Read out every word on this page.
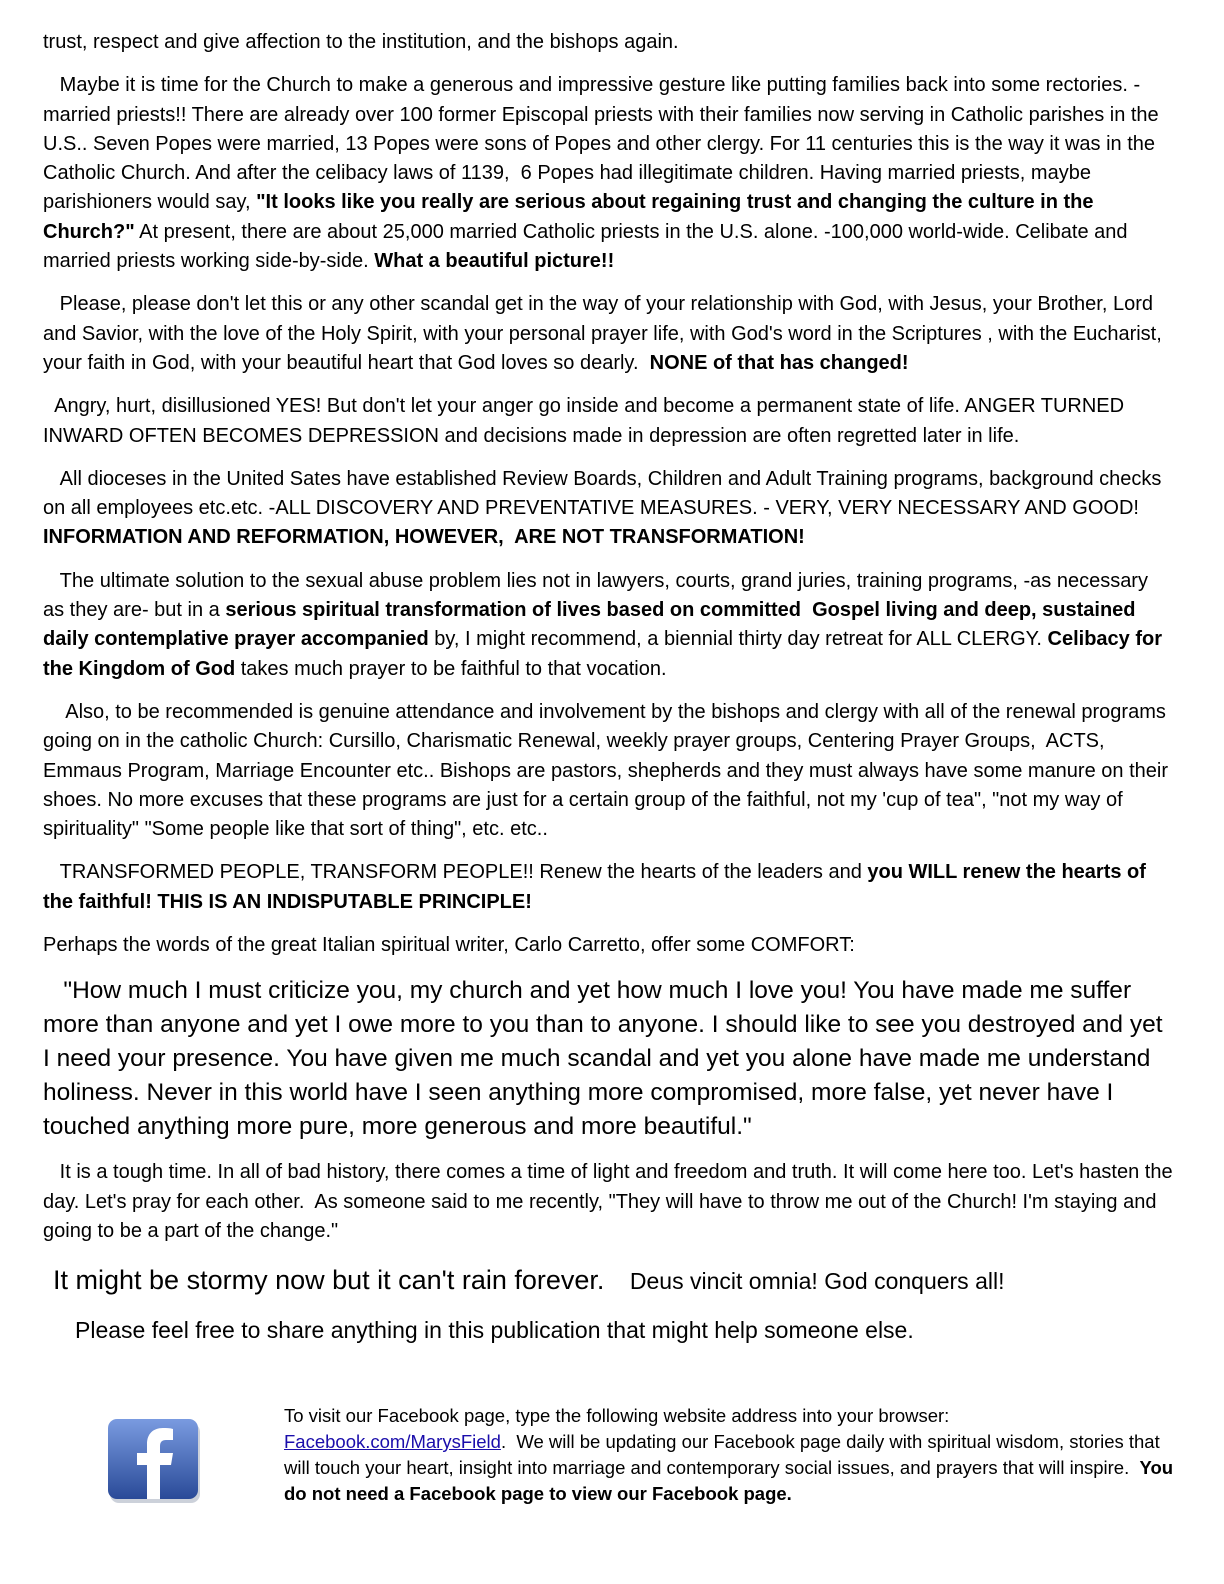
trust, respect and give affection to the institution, and the bishops again.

Maybe it is time for the Church to make a generous and impressive gesture like putting families back into some rectories. -married priests!! There are already over 100 former Episcopal priests with their families now serving in Catholic parishes in the U.S.. Seven Popes were married, 13 Popes were sons of Popes and other clergy. For 11 centuries this is the way it was in the Catholic Church. And after the celibacy laws of 1139,  6 Popes had illegitimate children. Having married priests, maybe parishioners would say, "It looks like you really are serious about regaining trust and changing the culture in the Church?" At present, there are about 25,000 married Catholic priests in the U.S. alone. -100,000 world-wide. Celibate and married priests working side-by-side. What a beautiful picture!!

Please, please don't let this or any other scandal get in the way of your relationship with God, with Jesus, your Brother, Lord and Savior, with the love of the Holy Spirit, with your personal prayer life, with God's word in the Scriptures , with the Eucharist, your faith in God, with your beautiful heart that God loves so dearly.  NONE of that has changed!

Angry, hurt, disillusioned YES! But don't let your anger go inside and become a permanent state of life. ANGER TURNED INWARD OFTEN BECOMES DEPRESSION and decisions made in depression are often regretted later in life.

All dioceses in the United Sates have established Review Boards, Children and Adult Training programs, background checks on all employees etc.etc. -ALL DISCOVERY AND PREVENTATIVE MEASURES. - VERY, VERY NECESSARY AND GOOD!  INFORMATION AND REFORMATION, HOWEVER,  ARE NOT TRANSFORMATION!

The ultimate solution to the sexual abuse problem lies not in lawyers, courts, grand juries, training programs, -as necessary as they are- but in a serious spiritual transformation of lives based on committed  Gospel living and deep, sustained daily contemplative prayer accompanied by, I might recommend, a biennial thirty day retreat for ALL CLERGY. Celibacy for the Kingdom of God takes much prayer to be faithful to that vocation.

Also, to be recommended is genuine attendance and involvement by the bishops and clergy with all of the renewal programs going on in the catholic Church: Cursillo, Charismatic Renewal, weekly prayer groups, Centering Prayer Groups,  ACTS, Emmaus Program, Marriage Encounter etc.. Bishops are pastors, shepherds and they must always have some manure on their shoes. No more excuses that these programs are just for a certain group of the faithful, not my 'cup of tea", "not my way of spirituality" "Some people like that sort of thing", etc. etc..

TRANSFORMED PEOPLE, TRANSFORM PEOPLE!! Renew the hearts of the leaders and you WILL renew the hearts of the faithful! THIS IS AN INDISPUTABLE PRINCIPLE!

Perhaps the words of the great Italian spiritual writer, Carlo Carretto, offer some COMFORT:

"How much I must criticize you, my church and yet how much I love you! You have made me suffer more than anyone and yet I owe more to you than to anyone. I should like to see you destroyed and yet I need your presence. You have given me much scandal and yet you alone have made me understand holiness. Never in this world have I seen anything more compromised, more false, yet never have I touched anything more pure, more generous and more beautiful."

It is a tough time. In all of bad history, there comes a time of light and freedom and truth. It will come here too. Let's hasten the day. Let's pray for each other.  As someone said to me recently, "They will have to throw me out of the Church! I'm staying and going to be a part of the change."

It might be stormy now but it can't rain forever. Deus vincit omnia! God conquers all!
Please feel free to share anything in this publication that might help someone else.
To visit our Facebook page, type the following website address into your browser: Facebook.com/MarysField.  We will be updating our Facebook page daily with spiritual wisdom, stories that will touch your heart, insight into marriage and contemporary social issues, and prayers that will inspire.  You do not need a Facebook page to view our Facebook page.
